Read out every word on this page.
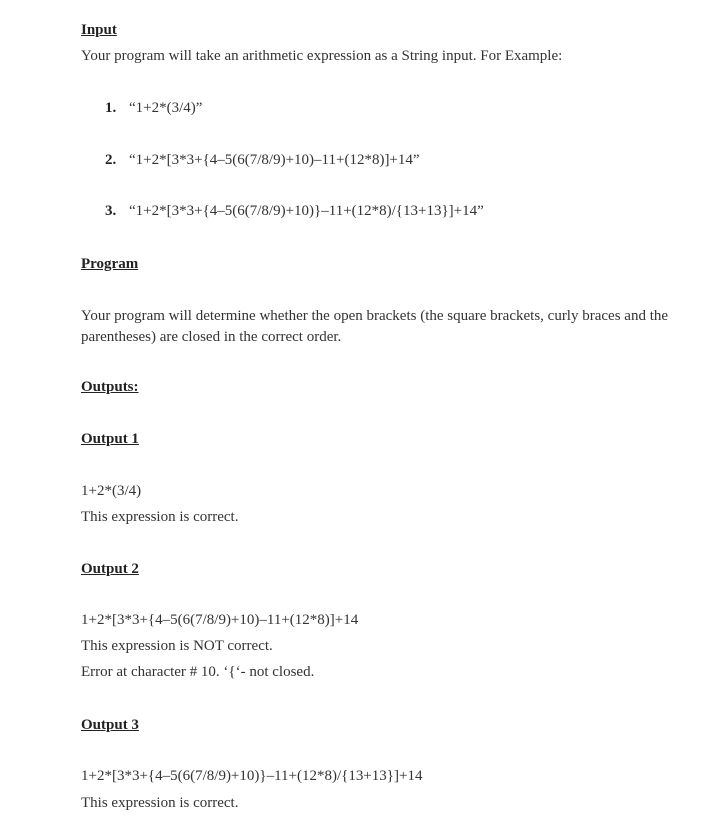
Input
Your program will take an arithmetic expression as a String input. For Example:
1. “1+2*(3/4)”
2. “1+2*[3*3+{4–5(6(7/8/9)+10)–11+(12*8)]+14”
3. “1+2*[3*3+{4–5(6(7/8/9)+10)}–11+(12*8)/{13+13}]+14”
Program
Your program will determine whether the open brackets (the square brackets, curly braces and the parentheses) are closed in the correct order.
Outputs:
Output 1
1+2*(3/4)
This expression is correct.
Output 2
1+2*[3*3+{4–5(6(7/8/9)+10)–11+(12*8)]+14
This expression is NOT correct.
Error at character # 10. ‘{‘- not closed.
Output 3
1+2*[3*3+{4–5(6(7/8/9)+10)}–11+(12*8)/{13+13}]+14
This expression is correct.
